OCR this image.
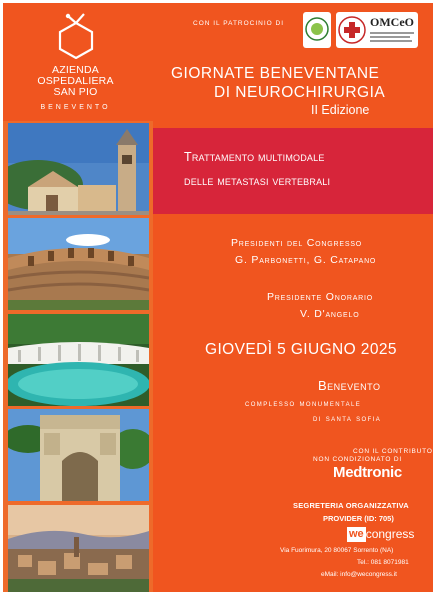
AZIENDA
OSPEDALIERA
SAN PIO
BENEVENTO
CON IL PATROCINIO DI	OMCeO
GIORNATE BENEVENTANE
DI NEUROCHIRURGIA
II Edizione
Trattamento multimodale
delle metastasi vertebrali
Presidenti del Congresso
G. Parbonetti, G. Catapano
Presidente Onorario
V. D'angelo
GIOVEDÌ 5 GIUGNO 2025
Benevento
complesso monumentale
di santa sofia
CON IL CONTRIBUTO
NON CONDIZIONATO DI
Medtronic
SEGRETERIA ORGANIZZATIVA
PROVIDER (ID: 705)
we congress
Via Fuorimura, 20 80067 Sorrento (NA)
Tel.: 081 8071981
eMail: info@wecongress.it
